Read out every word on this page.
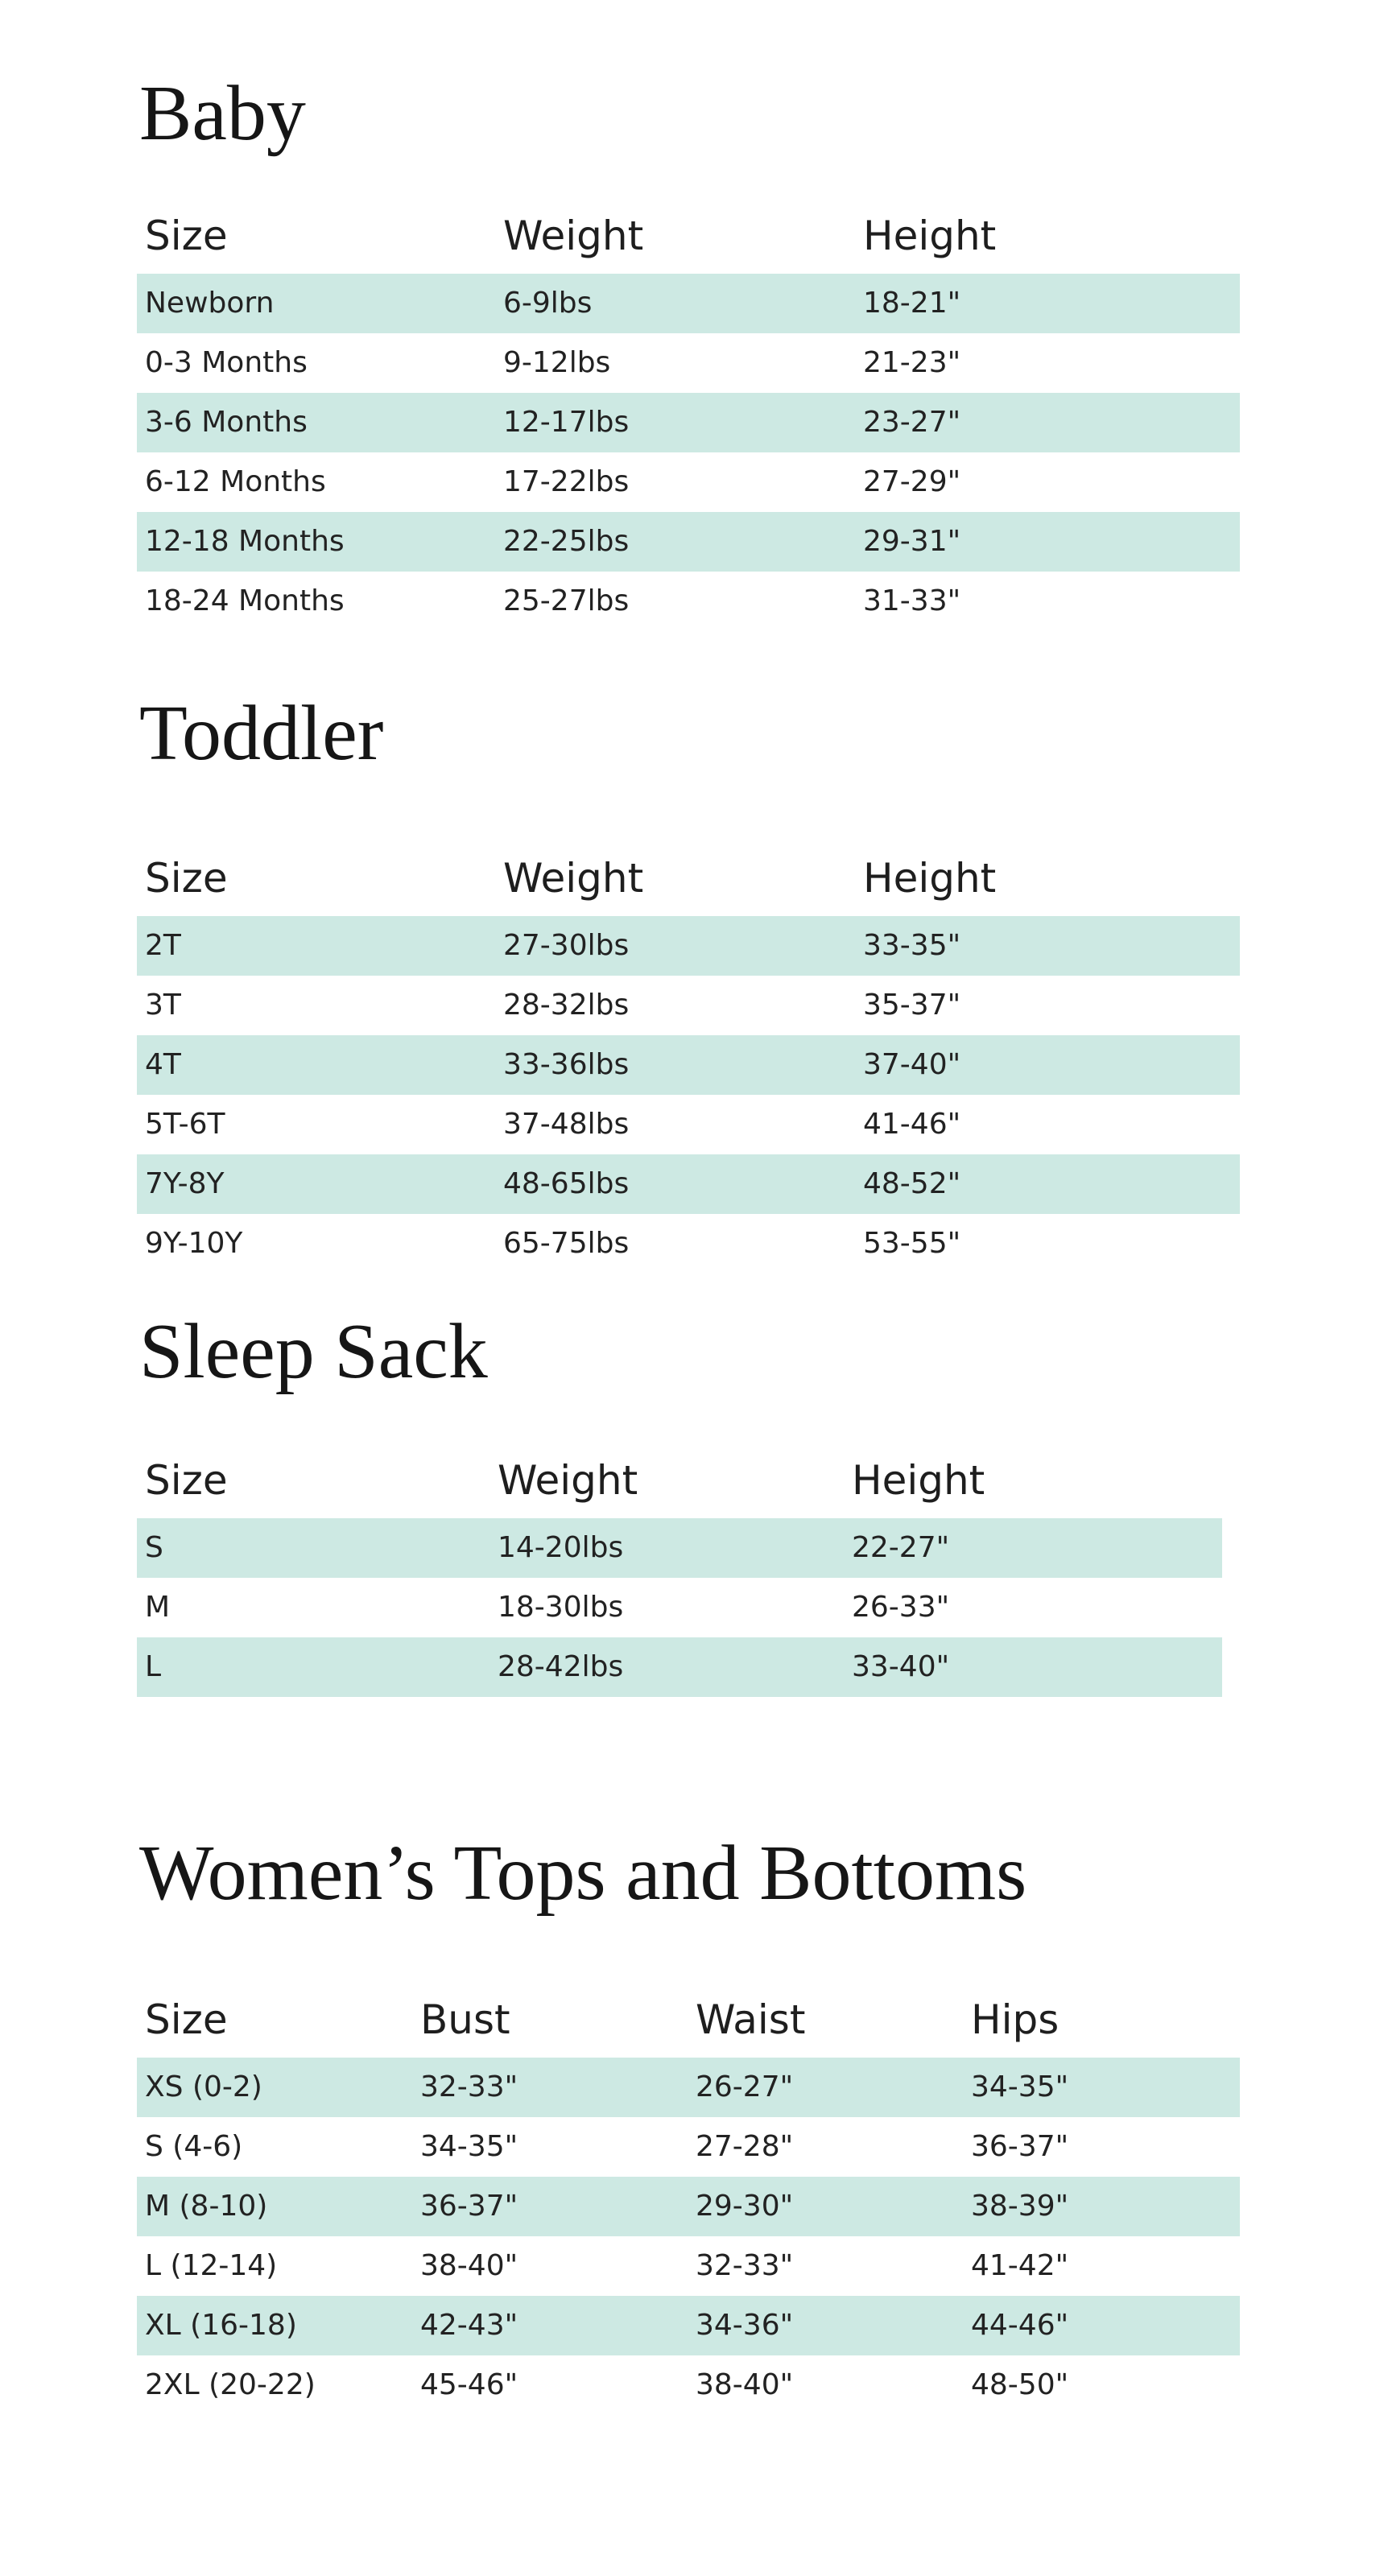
Baby
Size	Weight	Height
Newborn	6-9lbs	18-21"
0-3 Months	9-12lbs	21-23"
3-6 Months	12-17lbs	23-27"
6-12 Months	17-22lbs	27-29"
12-18 Months	22-25lbs	29-31"
18-24 Months	25-27lbs	31-33"
Toddler
Size	Weight	Height
2T	27-30lbs	33-35"
3T	28-32lbs	35-37"
4T	33-36lbs	37-40"
5T-6T	37-48lbs	41-46"
7Y-8Y	48-65lbs	48-52"
9Y-10Y	65-75lbs	53-55"
Sleep Sack
Size	Weight	Height
S	14-20lbs	22-27"
M	18-30lbs	26-33"
L	28-42lbs	33-40"
Women’s Tops and Bottoms
Size	Bust	Waist	Hips
XS (0-2)	32-33"	26-27"	34-35"
S (4-6)	34-35"	27-28"	36-37"
M (8-10)	36-37"	29-30"	38-39"
L (12-14)	38-40"	32-33"	41-42"
XL (16-18)	42-43"	34-36"	44-46"
2XL (20-22)	45-46"	38-40"	48-50"
